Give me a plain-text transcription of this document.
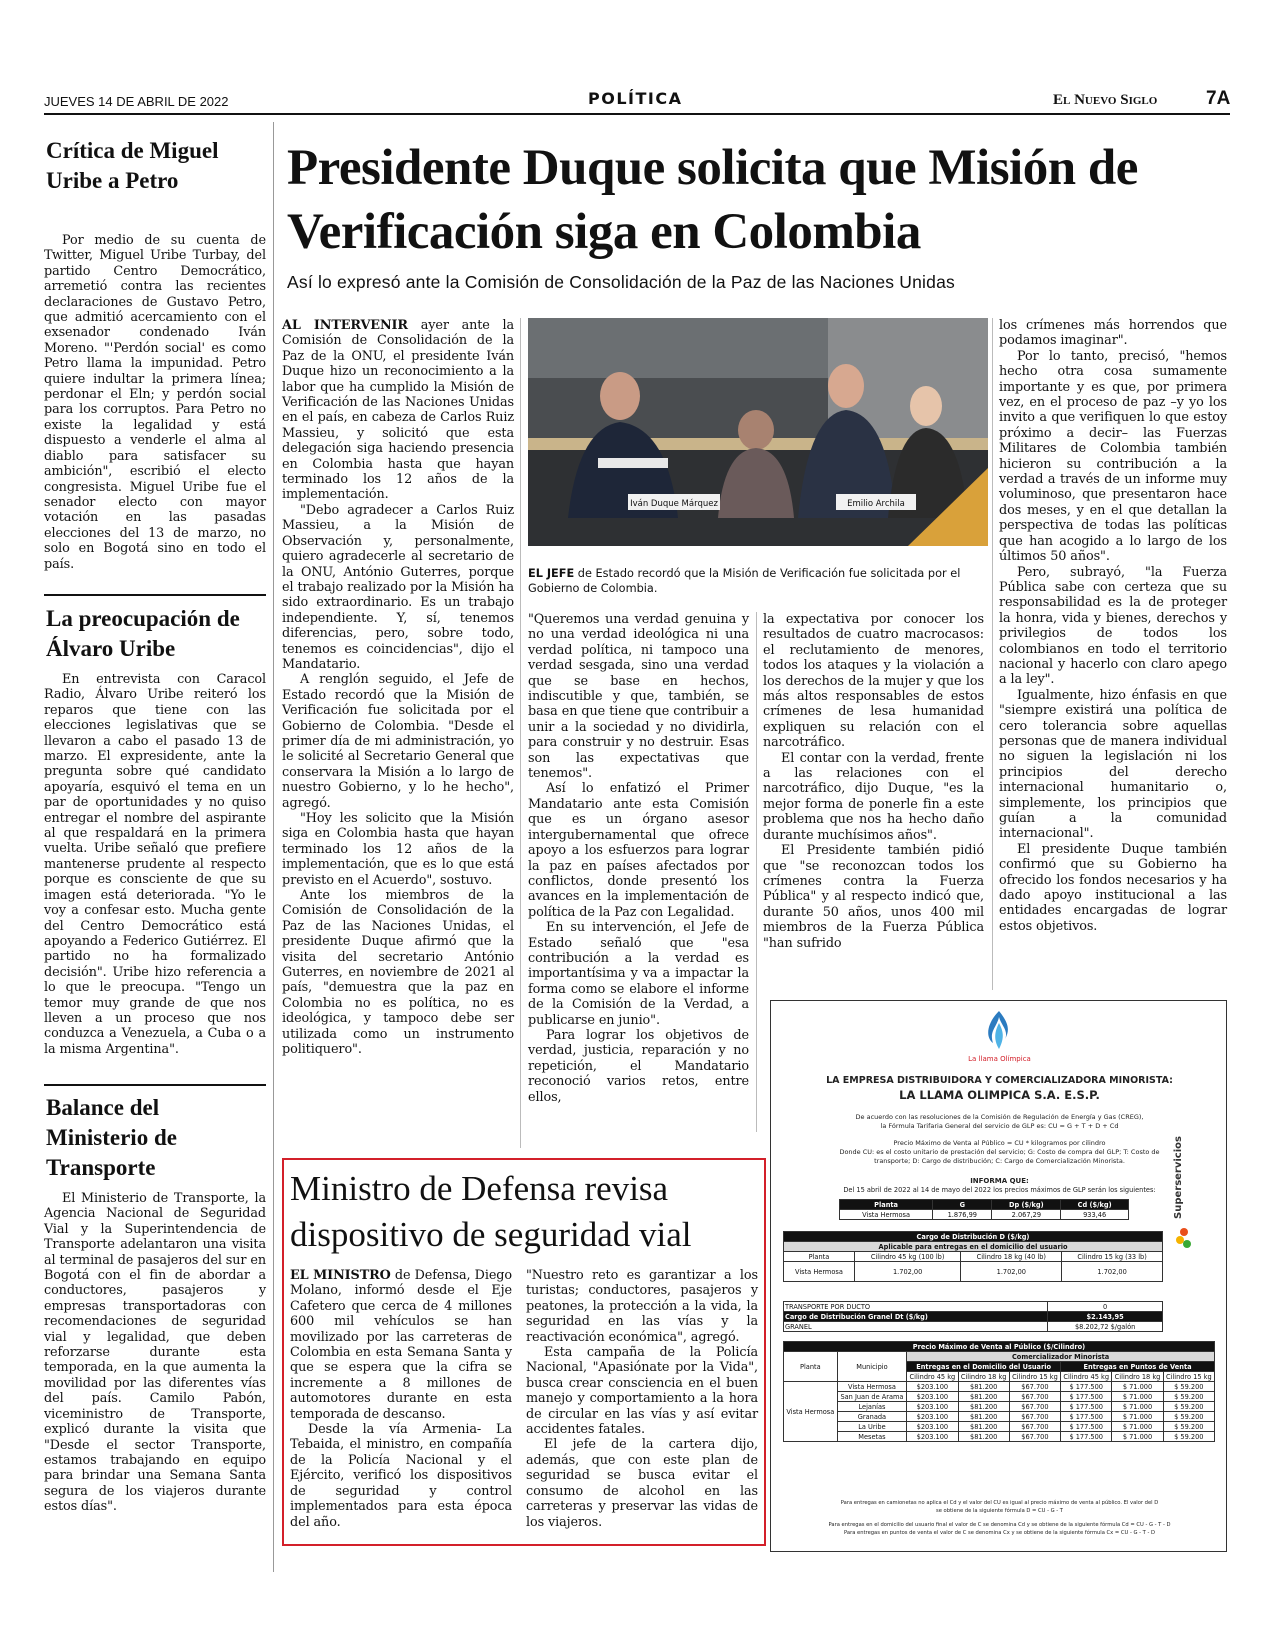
JUEVES 14 DE ABRIL DE 2022	POLÍTICA	El Nuevo Siglo	7A
Crítica de Miguel Uribe a Petro

Por medio de su cuenta de Twitter, Miguel Uribe Turbay, del partido Centro Democrático, arremetió contra las recientes declaraciones de Gustavo Petro, que admitió acercamiento con el exsenador condenado Iván Moreno. "'Perdón social' es como Petro llama la impunidad. Petro quiere indultar la primera línea; perdonar el Eln; y perdón social para los corruptos. Para Petro no existe la legalidad y está dispuesto a venderle el alma al diablo para satisfacer su ambición", escribió el electo congresista. Miguel Uribe fue el senador electo con mayor votación en las pasadas elecciones del 13 de marzo, no solo en Bogotá sino en todo el país.

La preocupación de Álvaro Uribe

En entrevista con Caracol Radio, Álvaro Uribe reiteró los reparos que tiene con las elecciones legislativas que se llevaron a cabo el pasado 13 de marzo. El expresidente, ante la pregunta sobre qué candidato apoyaría, esquivó el tema en un par de oportunidades y no quiso entregar el nombre del aspirante al que respaldará en la primera vuelta. Uribe señaló que prefiere mantenerse prudente al respecto porque es consciente de que su imagen está deteriorada. "Yo le voy a confesar esto. Mucha gente del Centro Democrático está apoyando a Federico Gutiérrez. El partido no ha formalizado decisión". Uribe hizo referencia a lo que le preocupa. "Tengo un temor muy grande de que nos lleven a un proceso que nos conduzca a Venezuela, a Cuba o a la misma Argentina".

Balance del Ministerio de Transporte

El Ministerio de Transporte, la Agencia Nacional de Seguridad Vial y la Superintendencia de Transporte adelantaron una visita al terminal de pasajeros del sur en Bogotá con el fin de abordar a conductores, pasajeros y empresas transportadoras con recomendaciones de seguridad vial y legalidad, que deben reforzarse durante esta temporada, en la que aumenta la movilidad por las diferentes vías del país. Camilo Pabón, viceministro de Transporte, explicó durante la visita que "Desde el sector Transporte, estamos trabajando en equipo para brindar una Semana Santa segura de los viajeros durante estos días".

Presidente Duque solicita que Misión de Verificación siga en Colombia
Así lo expresó ante la Comisión de Consolidación de la Paz de las Naciones Unidas

AL INTERVENIR ayer ante la Comisión de Consolidación de la Paz de la ONU, el presidente Iván Duque hizo un reconocimiento a la labor que ha cumplido la Misión de Verificación de las Naciones Unidas en el país, en cabeza de Carlos Ruiz Massieu, y solicitó que esta delegación siga haciendo presencia en Colombia hasta que hayan terminado los 12 años de la implementación.

"Debo agradecer a Carlos Ruiz Massieu, a la Misión de Observación y, personalmente, quiero agradecerle al secretario de la ONU, António Guterres, porque el trabajo realizado por la Misión ha sido extraordinario. Es un trabajo independiente. Y, sí, tenemos diferencias, pero, sobre todo, tenemos es coincidencias", dijo el Mandatario.

A renglón seguido, el Jefe de Estado recordó que la Misión de Verificación fue solicitada por el Gobierno de Colombia. "Desde el primer día de mi administración, yo le solicité al Secretario General que conservara la Misión a lo largo de nuestro Gobierno, y lo he hecho", agregó.

"Hoy les solicito que la Misión siga en Colombia hasta que hayan terminado los 12 años de la implementación, que es lo que está previsto en el Acuerdo", sostuvo.

Ante los miembros de la Comisión de Consolidación de la Paz de las Naciones Unidas, el presidente Duque afirmó que la visita del secretario António Guterres, en noviembre de 2021 al país, "demuestra que la paz en Colombia no es política, no es ideológica, y tampoco debe ser utilizada como un instrumento politiquero".

Iván Duque Márquez	Emilio Archila
EL JEFE de Estado recordó que la Misión de Verificación fue solicitada por el Gobierno de Colombia.

"Queremos una verdad genuina y no una verdad ideológica ni una verdad política, ni tampoco una verdad sesgada, sino una verdad que se base en hechos, indiscutible y que, también, se basa en que tiene que contribuir a unir a la sociedad y no dividirla, para construir y no destruir. Esas son las expectativas que tenemos".

Así lo enfatizó el Primer Mandatario ante esta Comisión que es un órgano asesor intergubernamental que ofrece apoyo a los esfuerzos para lograr la paz en países afectados por conflictos, donde presentó los avances en la implementación de política de la Paz con Legalidad.

En su intervención, el Jefe de Estado señaló que "esa contribución a la verdad es importantísima y va a impactar la forma como se elabore el informe de la Comisión de la Verdad, a publicarse en junio".

Para lograr los objetivos de verdad, justicia, reparación y no repetición, el Mandatario reconoció varios retos, entre ellos,

la expectativa por conocer los resultados de cuatro macrocasos: el reclutamiento de menores, todos los ataques y la violación a los derechos de la mujer y que los más altos responsables de estos crímenes de lesa humanidad expliquen su relación con el narcotráfico.

El contar con la verdad, frente a las relaciones con el narcotráfico, dijo Duque, "es la mejor forma de ponerle fin a este problema que nos ha hecho daño durante muchísimos años".

El Presidente también pidió que "se reconozcan todos los crímenes contra la Fuerza Pública" y al respecto indicó que, durante 50 años, unos 400 mil miembros de la Fuerza Pública "han sufrido

los crímenes más horrendos que podamos imaginar".

Por lo tanto, precisó, "hemos hecho otra cosa sumamente importante y es que, por primera vez, en el proceso de paz –y yo los invito a que verifiquen lo que estoy próximo a decir– las Fuerzas Militares de Colombia también hicieron su contribución a la verdad a través de un informe muy voluminoso, que presentaron hace dos meses, y en el que detallan la perspectiva de todas las políticas que han acogido a lo largo de los últimos 50 años".

Pero, subrayó, "la Fuerza Pública sabe con certeza que su responsabilidad es la de proteger la honra, vida y bienes, derechos y privilegios de todos los colombianos en todo el territorio nacional y hacerlo con claro apego a la ley".

Igualmente, hizo énfasis en que "siempre existirá una política de cero tolerancia sobre aquellas personas que de manera individual no siguen la legislación ni los principios del derecho internacional humanitario o, simplemente, los principios que guían a la comunidad internacional".

El presidente Duque también confirmó que su Gobierno ha ofrecido los fondos necesarios y ha dado apoyo institucional a las entidades encargadas de lograr estos objetivos.

Ministro de Defensa revisa dispositivo de seguridad vial

EL MINISTRO de Defensa, Diego Molano, informó desde el Eje Cafetero que cerca de 4 millones 600 mil vehículos se han movilizado por las carreteras de Colombia en esta Semana Santa y que se espera que la cifra se incremente a 8 millones de automotores durante en esta temporada de descanso.

Desde la vía Armenia- La Tebaida, el ministro, en compañía de la Policía Nacional y el Ejército, verificó los dispositivos de seguridad y control implementados para esta época del año.

"Nuestro reto es garantizar a los turistas; conductores, pasajeros y peatones, la protección a la vida, la seguridad en las vías y la reactivación económica", agregó.

Esta campaña de la Policía Nacional, "Apasiónate por la Vida", busca crear consciencia en el buen manejo y comportamiento a la hora de circular en las vías y así evitar accidentes fatales.

El jefe de la cartera dijo, además, que con este plan de seguridad se busca evitar el consumo de alcohol en las carreteras y preservar las vidas de los viajeros.

La llama Olímpica
LA EMPRESA DISTRIBUIDORA Y COMERCIALIZADORA MINORISTA:
LA LLAMA OLIMPICA S.A. E.S.P.
De acuerdo con las resoluciones de la Comisión de Regulación de Energía y Gas (CREG),
la Fórmula Tarifaria General del servicio de GLP es: CU = G + T + D + Cd
Precio Máximo de Venta al Público = CU * kilogramos por cilindro
Donde CU: es el costo unitario de prestación del servicio; G: Costo de compra del GLP; T: Costo de
transporte; D: Cargo de distribución; C: Cargo de Comercialización Minorista.
INFORMA QUE:
Del 15 abril de 2022 al 14 de mayo del 2022 los precios máximos de GLP serán los siguientes:
Planta	G	Dp ($/kg)	Cd ($/kg)
Vista Hermosa	1.876,99	2.067,29	933,46
Cargo de Distribución D ($/kg)			
Aplicable para entregas en el domicilio del usuario			
Planta	Cilindro 45 kg (100 lb)	Cilindro 18 kg (40 lb)	Cilindro 15 kg (33 lb)
Vista Hermosa	1.702,00	1.702,00	1.702,00
TRANSPORTE POR DUCTO	0
Cargo de Distribución Granel Dt ($/kg)	$2.143,95
GRANEL	$8.202,72 $/galón
Precio Máximo de Venta al Público ($/Cilindro)							
Planta	Municipio	Comercializador Minorista					
		Entregas en el Domicilio del Usuario			Entregas en Puntos de Venta		
		Cilindro 45 kg	Cilindro 18 kg	Cilindro 15 kg	Cilindro 45 kg	Cilindro 18 kg	Cilindro 15 kg
Vista Hermosa	Vista Hermosa	$203.100	$81.200	$67.700	$ 177.500	$ 71.000	$ 59.200
	San Juan de Arama	$203.100	$81.200	$67.700	$ 177.500	$ 71.000	$ 59.200
	Lejanías	$203.100	$81.200	$67.700	$ 177.500	$ 71.000	$ 59.200
	Granada	$203.100	$81.200	$67.700	$ 177.500	$ 71.000	$ 59.200
	La Uribe	$203.100	$81.200	$67.700	$ 177.500	$ 71.000	$ 59.200
	Mesetas	$203.100	$81.200	$67.700	$ 177.500	$ 71.000	$ 59.200
Para entregas en camionetas no aplica el Cd y el valor del CU es igual al precio máximo de venta al público. El valor del D
se obtiene de la siguiente fórmula D = CU - G - T
Para entregas en el domicilio del usuario final el valor de C se denomina Cd y se obtiene de la siguiente fórmula Cd = CU - G - T - D
Para entregas en puntos de venta el valor de C se denomina Cx y se obtiene de la siguiente fórmula Cx = CU - G - T - D
Superservicios
